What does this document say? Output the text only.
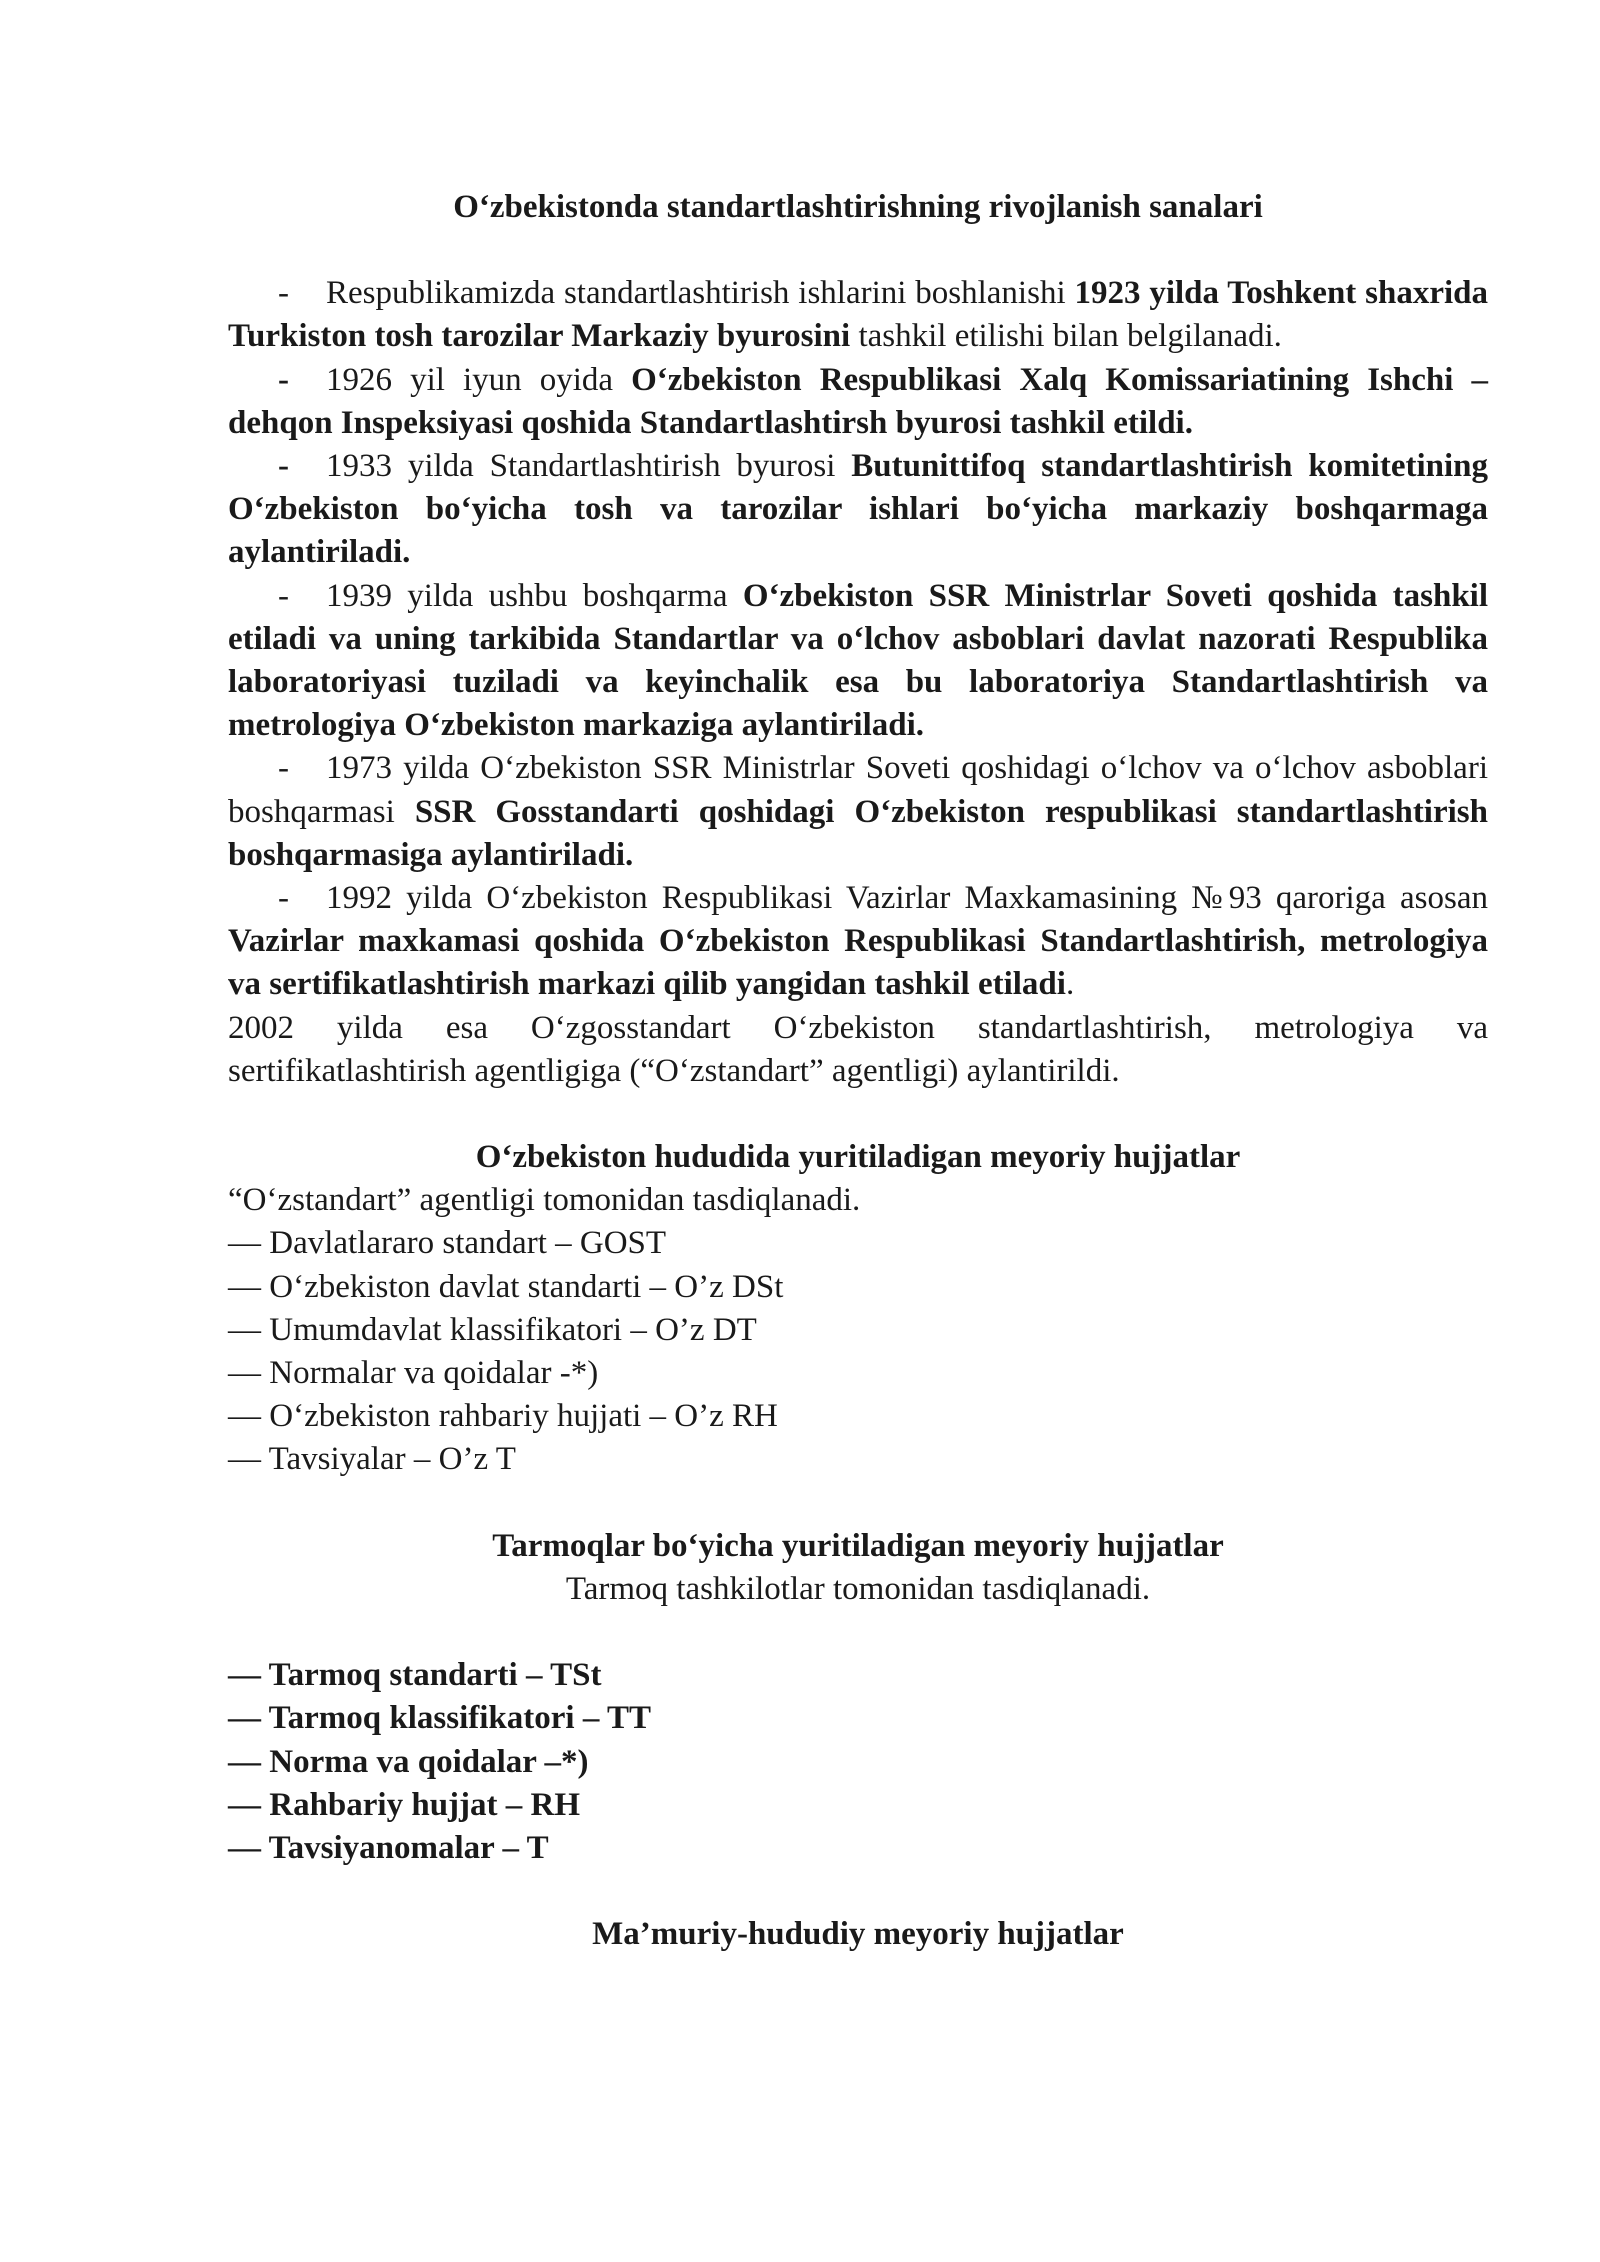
O‘zbekistonda standartlashtirishning rivojlanish sanalari

- Respublikamizda standartlashtirish ishlarini boshlanishi 1923 yilda Toshkent shaxrida Turkiston tosh tarozilar Markaziy byurosini tashkil etilishi bilan belgilanadi.

- 1926 yil iyun oyida O‘zbekiston Respublikasi Xalq Komissariatining Ishchi – dehqon Inspeksiyasi qoshida Standartlashtirsh byurosi tashkil etildi.

- 1933 yilda Standartlashtirish byurosi Butunittifoq standartlashtirish komitetining O‘zbekiston bo‘yicha tosh va tarozilar ishlari bo‘yicha markaziy boshqarmaga aylantiriladi.

- 1939 yilda ushbu boshqarma O‘zbekiston SSR Ministrlar Soveti qoshida tashkil etiladi va uning tarkibida Standartlar va o‘lchov asboblari davlat nazorati Respublika laboratoriyasi tuziladi va keyinchalik esa bu laboratoriya Standartlashtirish va metrologiya O‘zbekiston markaziga aylantiriladi.

- 1973 yilda O‘zbekiston SSR Ministrlar Soveti qoshidagi o‘lchov va o‘lchov asboblari boshqarmasi SSR Gosstandarti qoshidagi O‘zbekiston respublikasi standartlashtirish boshqarmasiga aylantiriladi.

- 1992 yilda O‘zbekiston Respublikasi Vazirlar Maxkamasining №93 qaroriga asosan Vazirlar maxkamasi qoshida O‘zbekiston Respublikasi Standartlashtirish, metrologiya va sertifikatlashtirish markazi qilib yangidan tashkil etiladi.

2002 yilda esa O‘zgosstandart O‘zbekiston standartlashtirish, metrologiya va sertifikatlashtirish agentligiga (“O‘zstandart” agentligi) aylantirildi.

O‘zbekiston hududida yuritiladigan meyoriy hujjatlar

“O‘zstandart” agentligi tomonidan tasdiqlanadi.

— Davlatlararo standart – GOST
— O‘zbekiston davlat standarti – O’z DSt
— Umumdavlat klassifikatori – O’z DT
— Normalar va qoidalar -*)
— O‘zbekiston rahbariy hujjati – O’z RH
— Tavsiyalar – O’z T

Tarmoqlar bo‘yicha yuritiladigan meyoriy hujjatlar

Tarmoq tashkilotlar tomonidan tasdiqlanadi.

— Tarmoq standarti – TSt
— Tarmoq klassifikatori – TT
— Norma va qoidalar –*)
— Rahbariy hujjat – RH
— Tavsiyanomalar – T

Ma’muriy-hududiy meyoriy hujjatlar
